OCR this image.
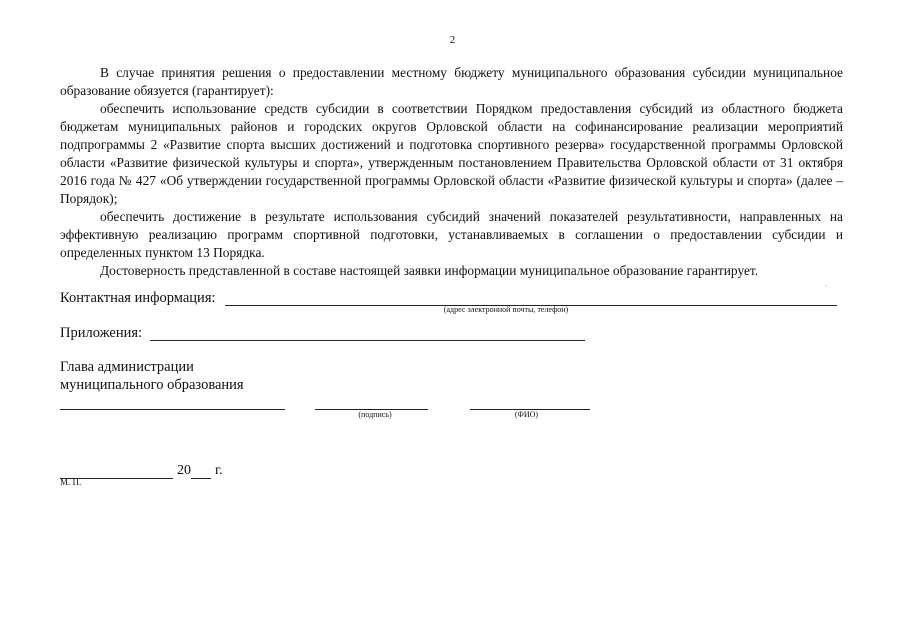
2

В случае принятия решения о предоставлении местному бюджету муниципального образования субсидии муниципальное образование обязуется (гарантирует):

обеспечить использование средств субсидии в соответствии Порядком предоставления субсидий из областного бюджета бюджетам муниципальных районов и городских округов Орловской области на софинансирование реализации мероприятий подпрограммы 2 «Развитие спорта высших достижений и подготовка спортивного резерва» государственной программы Орловской области «Развитие физической культуры и спорта», утвержденным постановлением Правительства Орловской области от 31 октября 2016 года № 427 «Об утверждении государственной программы Орловской области «Развитие физической культуры и спорта» (далее – Порядок);

обеспечить достижение в результате использования субсидий значений показателей результативности, направленных на эффективную реализацию программ спортивной подготовки, устанавливаемых в соглашении о предоставлении субсидии и определенных пунктом 13 Порядка.

Достоверность представленной в составе настоящей заявки информации муниципальное образование гарантирует.

·
Контактная информация:
(адрес электронной почты, телефон)
Приложения:
Глава администрации
муниципального образования
(подпись)	(ФИО)
20 г.
М. П.
